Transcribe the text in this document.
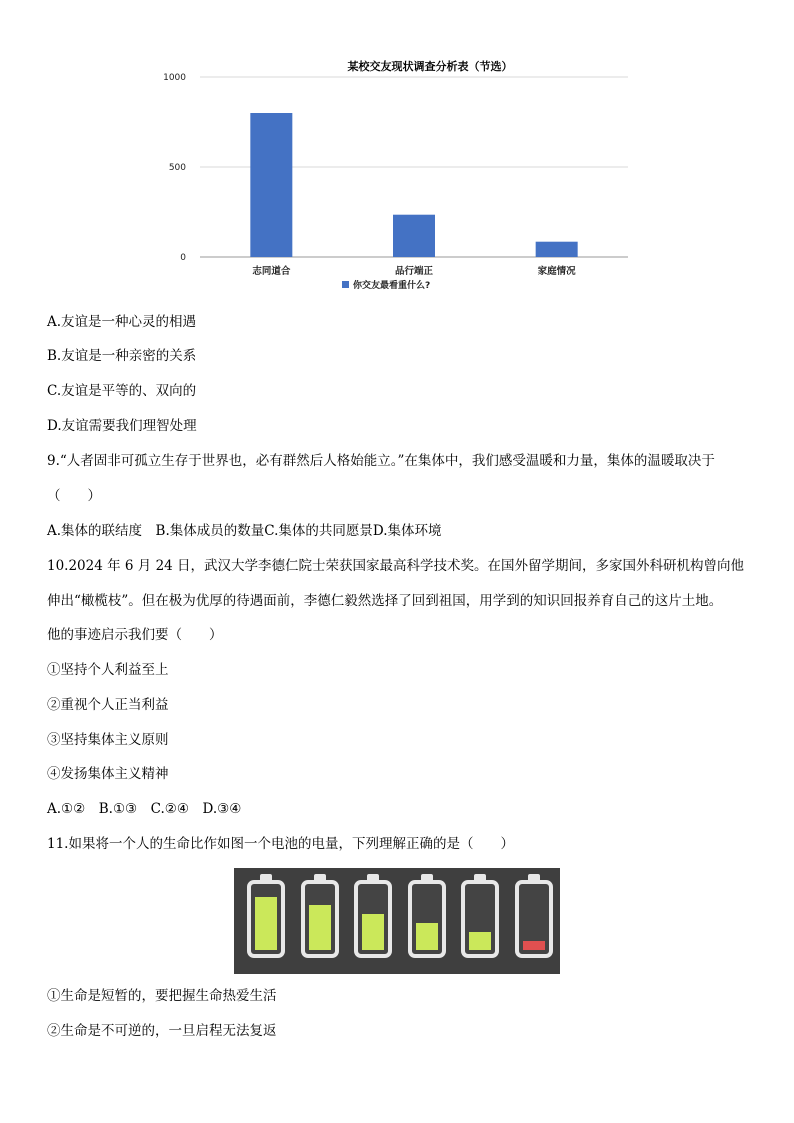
某校交友现状调查分析表（节选）
0
500
1000
志同道合	品行端正	家庭情况
你交友最看重什么?
A.友谊是一种心灵的相遇
B.友谊是一种亲密的关系
C.友谊是平等的、双向的
D.友谊需要我们理智处理
9.“人者固非可孤立生存于世界也，必有群然后人格始能立。”在集体中，我们感受温暖和力量，集体的温暖取决于
（　　）
A.集体的联结度　B.集体成员的数量C.集体的共同愿景D.集体环境
10.2024 年 6 月 24 日，武汉大学李德仁院士荣获国家最高科学技术奖。在国外留学期间，多家国外科研机构曾向他
伸出“橄榄枝”。但在极为优厚的待遇面前，李德仁毅然选择了回到祖国，用学到的知识回报养育自己的这片土地。
他的事迹启示我们要（　　）
①坚持个人利益至上
②重视个人正当利益
③坚持集体主义原则
④发扬集体主义精神
A.①②　B.①③　C.②④　D.③④
11.如果将一个人的生命比作如图一个电池的电量，下列理解正确的是（　　）
①生命是短暂的，要把握生命热爱生活
②生命是不可逆的，一旦启程无法复返
